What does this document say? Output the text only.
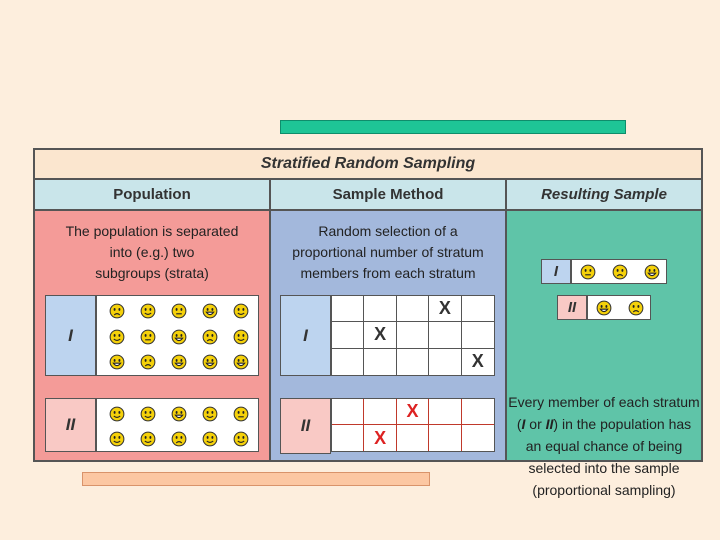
Stratified Random Sampling
Population	Sample Method	Resulting Sample
The population is separated
into (e.g.) two
subgroups (strata)
I
II
Random selection of a
proportional number of stratum
members from each stratum
I
X
X
X
II
X
X
I
II
Every member of each stratum
(I or II) in the population has
an equal chance of being
selected into the sample
(proportional sampling)
